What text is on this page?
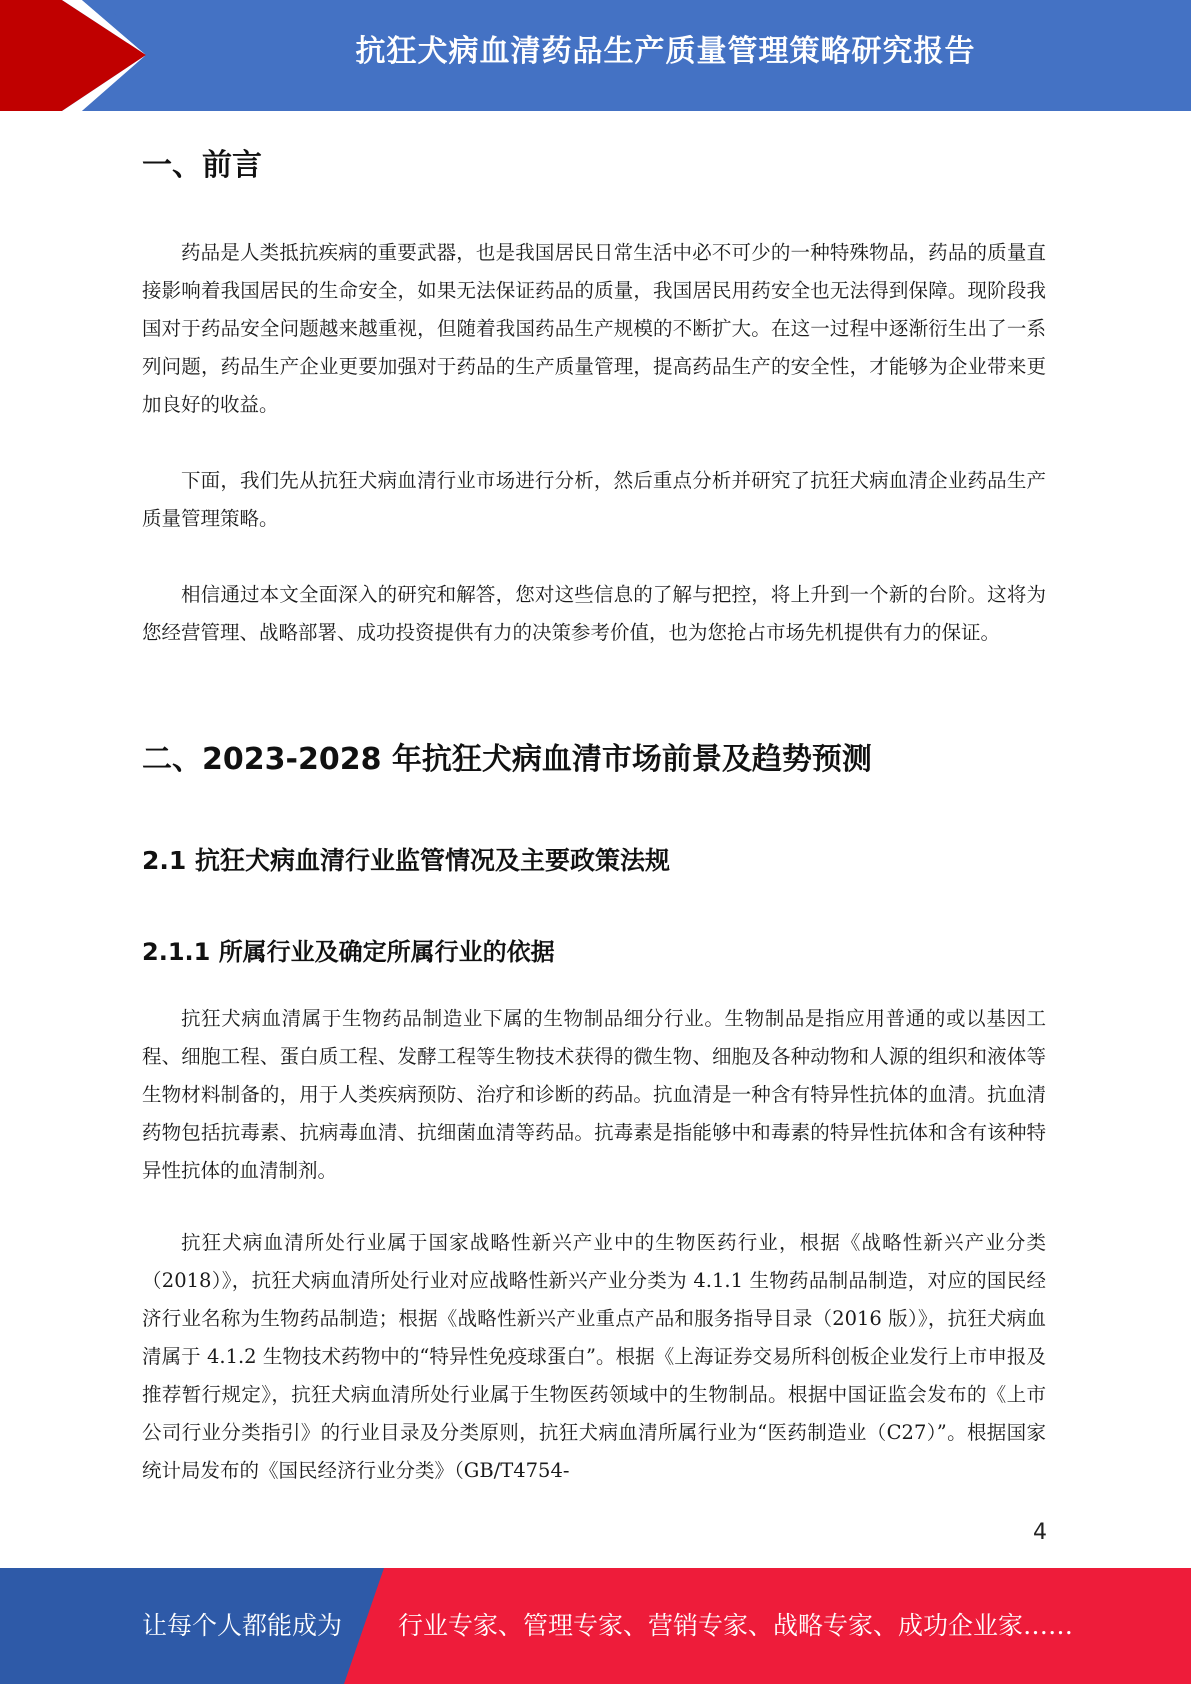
抗狂犬病血清药品生产质量管理策略研究报告
一、前言

药品是人类抵抗疾病的重要武器，也是我国居民日常生活中必不可少的一种特殊物品，药品的质量直接影响着我国居民的生命安全，如果无法保证药品的质量，我国居民用药安全也无法得到保障。现阶段我国对于药品安全问题越来越重视，但随着我国药品生产规模的不断扩大。在这一过程中逐渐衍生出了一系列问题，药品生产企业更要加强对于药品的生产质量管理，提高药品生产的安全性，才能够为企业带来更加良好的收益。

下面，我们先从抗狂犬病血清行业市场进行分析，然后重点分析并研究了抗狂犬病血清企业药品生产质量管理策略。

相信通过本文全面深入的研究和解答，您对这些信息的了解与把控，将上升到一个新的台阶。这将为您经营管理、战略部署、成功投资提供有力的决策参考价值，也为您抢占市场先机提供有力的保证。

二、2023-2028 年抗狂犬病血清市场前景及趋势预测
2.1 抗狂犬病血清行业监管情况及主要政策法规
2.1.1 所属行业及确定所属行业的依据

抗狂犬病血清属于生物药品制造业下属的生物制品细分行业。生物制品是指应用普通的或以基因工程、细胞工程、蛋白质工程、发酵工程等生物技术获得的微生物、细胞及各种动物和人源的组织和液体等生物材料制备的，用于人类疾病预防、治疗和诊断的药品。抗血清是一种含有特异性抗体的血清。抗血清药物包括抗毒素、抗病毒血清、抗细菌血清等药品。抗毒素是指能够中和毒素的特异性抗体和含有该种特异性抗体的血清制剂。

抗狂犬病血清所处行业属于国家战略性新兴产业中的生物医药行业，根据《战略性新兴产业分类（2018）》，抗狂犬病血清所处行业对应战略性新兴产业分类为 4.1.1 生物药品制品制造，对应的国民经济行业名称为生物药品制造；根据《战略性新兴产业重点产品和服务指导目录（2016 版）》，抗狂犬病血清属于 4.1.2 生物技术药物中的“特异性免疫球蛋白”。根据《上海证券交易所科创板企业发行上市申报及推荐暂行规定》，抗狂犬病血清所处行业属于生物医药领域中的生物制品。根据中国证监会发布的《上市公司行业分类指引》的行业目录及分类原则，抗狂犬病血清所属行业为“医药制造业（C27）”。根据国家统计局发布的《国民经济行业分类》（GB/T4754-

4
让每个人都能成为 行业专家、管理专家、营销专家、战略专家、成功企业家……
